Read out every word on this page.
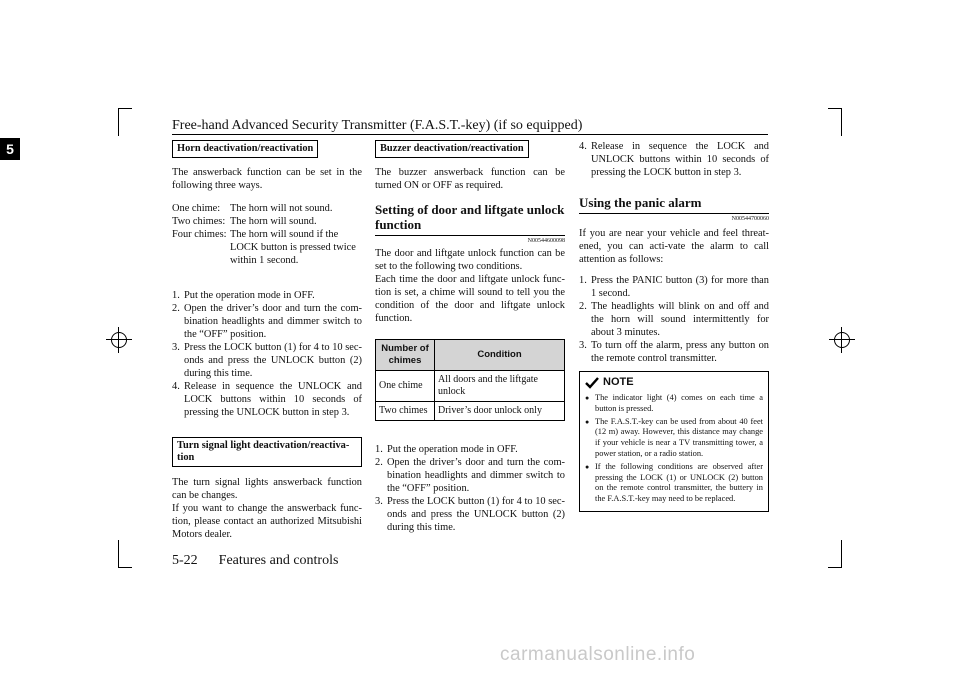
Free-hand Advanced Security Transmitter (F.A.S.T.-key) (if so equipped)
5	Horn deactivation/reactivation

The answerback function can be set in the following three ways.

One chime: The horn will not sound.
Two chimes: The horn will sound.
Four chimes: The horn will sound if the LOCK button is pressed twice within 1 second.
1. Put the operation mode in OFF.
2. Open the driver’s door and turn the combination headlights and dimmer switch to the “OFF” position.
3. Press the LOCK button (1) for 4 to 10 seconds and press the UNLOCK button (2) during this time.
4. Release in sequence the UNLOCK and LOCK buttons within 10 seconds of pressing the UNLOCK button in step 3.
Turn signal light deactivation/reactivation

The turn signal lights answerback function can be changes.

If you want to change the answerback function, please contact an authorized Mitsubishi Motors dealer.

Buzzer deactivation/reactivation

The buzzer answerback function can be turned ON or OFF as required.

Setting of door and liftgate unlock function

N00544600098

The door and liftgate unlock function can be set to the following two conditions.

Each time the door and liftgate unlock function is set, a chime will sound to tell you the condition of the door and liftgate unlock function.

Number of chimes	Condition
One chime	All doors and the liftgate unlock
Two chimes	Driver’s door unlock only
1. Put the operation mode in OFF.
2. Open the driver’s door and turn the combination headlights and dimmer switch to the “OFF” position.
3. Press the LOCK button (1) for 4 to 10 seconds and press the UNLOCK button (2) during this time.
4. Release in sequence the LOCK and UNLOCK buttons within 10 seconds of pressing the LOCK button in step 3.

Using the panic alarm

N00544700060

If you are near your vehicle and feel threatened, you can acti-vate the alarm to call attention as follows:

1. Press the PANIC button (3) for more than 1 second.
2. The headlights will blink on and off and the horn will sound intermittently for about 3 minutes.
3. To turn off the alarm, press any button on the remote control transmitter.
NOTE
● The indicator light (4) comes on each time a button is pressed.
● The F.A.S.T.-key can be used from about 40 feet (12 m) away. However, this distance may change if your vehicle is near a TV transmitting tower, a power station, or a radio station.
● If the following conditions are observed after pressing the LOCK (1) or UNLOCK (2) button on the remote control transmitter, the buttery in the F.A.S.T.-key may need to be replaced.
5-22 Features and controls
carmanualsonline.info
